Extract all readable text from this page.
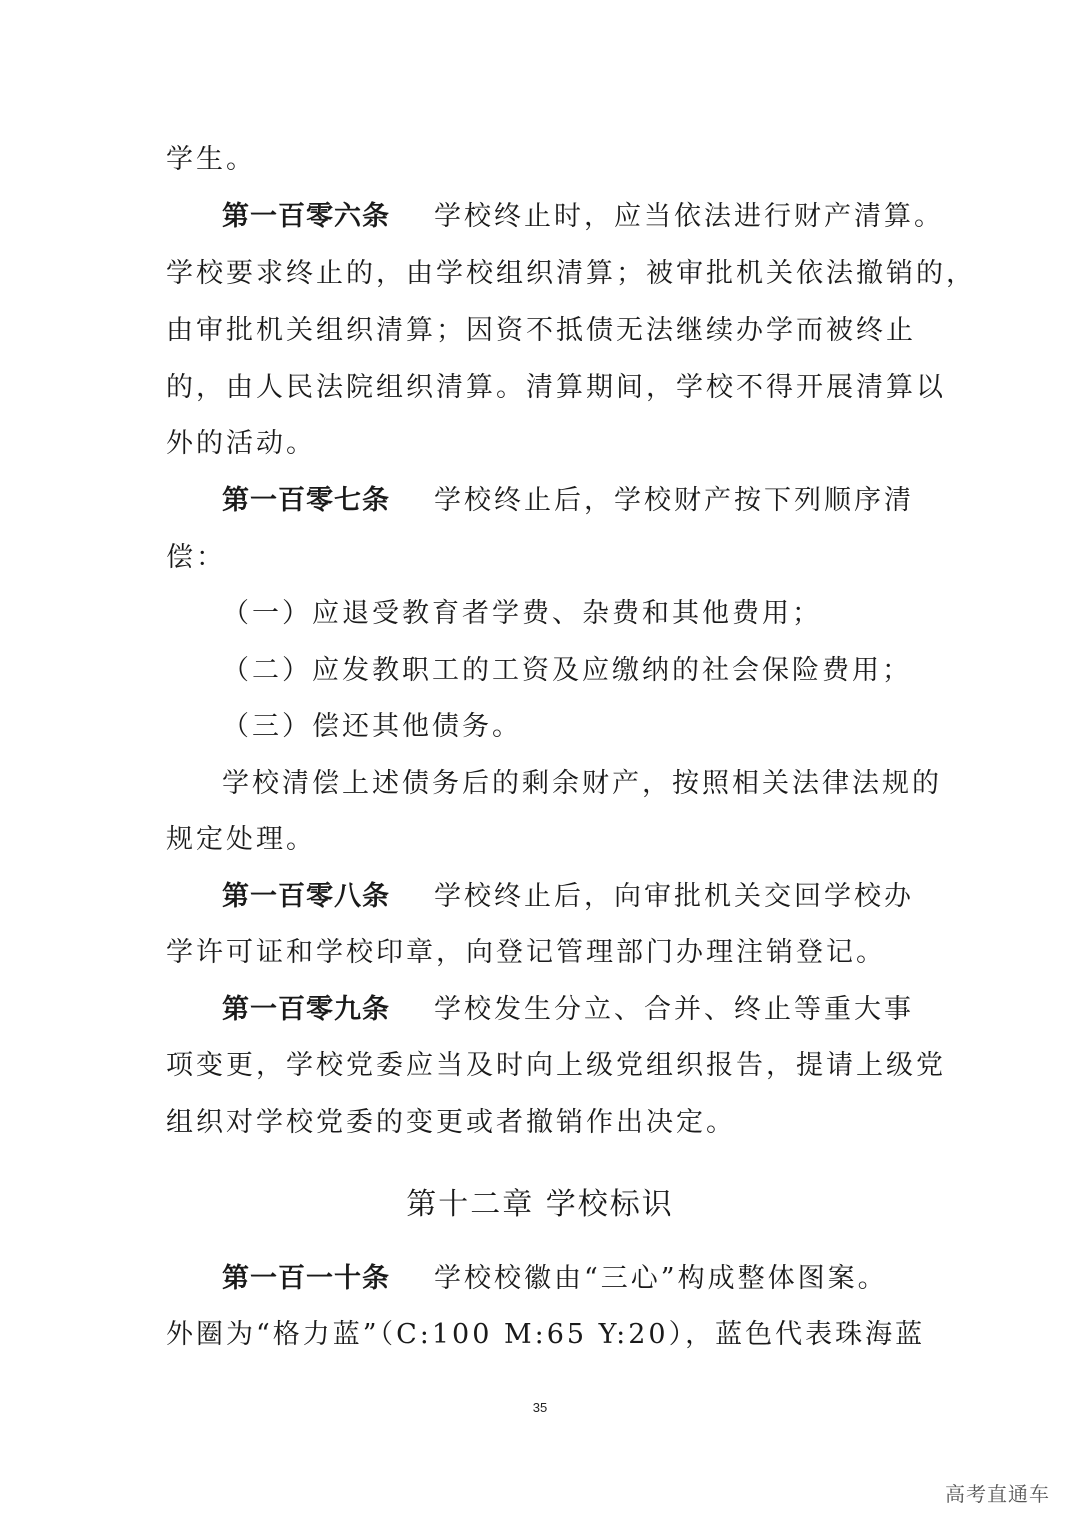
学生。
第一百零六条 学校终止时，应当依法进行财产清算。
学校要求终止的，由学校组织清算；被审批机关依法撤销的，
由审批机关组织清算；因资不抵债无法继续办学而被终止
的，由人民法院组织清算。清算期间，学校不得开展清算以
外的活动。
第一百零七条 学校终止后，学校财产按下列顺序清
偿：
（一）应退受教育者学费、杂费和其他费用；
（二）应发教职工的工资及应缴纳的社会保险费用；
（三）偿还其他债务。
学校清偿上述债务后的剩余财产，按照相关法律法规的
规定处理。
第一百零八条 学校终止后，向审批机关交回学校办
学许可证和学校印章，向登记管理部门办理注销登记。
第一百零九条 学校发生分立、合并、终止等重大事
项变更，学校党委应当及时向上级党组织报告，提请上级党
组织对学校党委的变更或者撤销作出决定。
第十二章 学校标识
第一百一十条 学校校徽由“三心”构成整体图案。
外圈为“格力蓝”（C:100 M:65 Y:20），蓝色代表珠海蓝
35
高考直通车
